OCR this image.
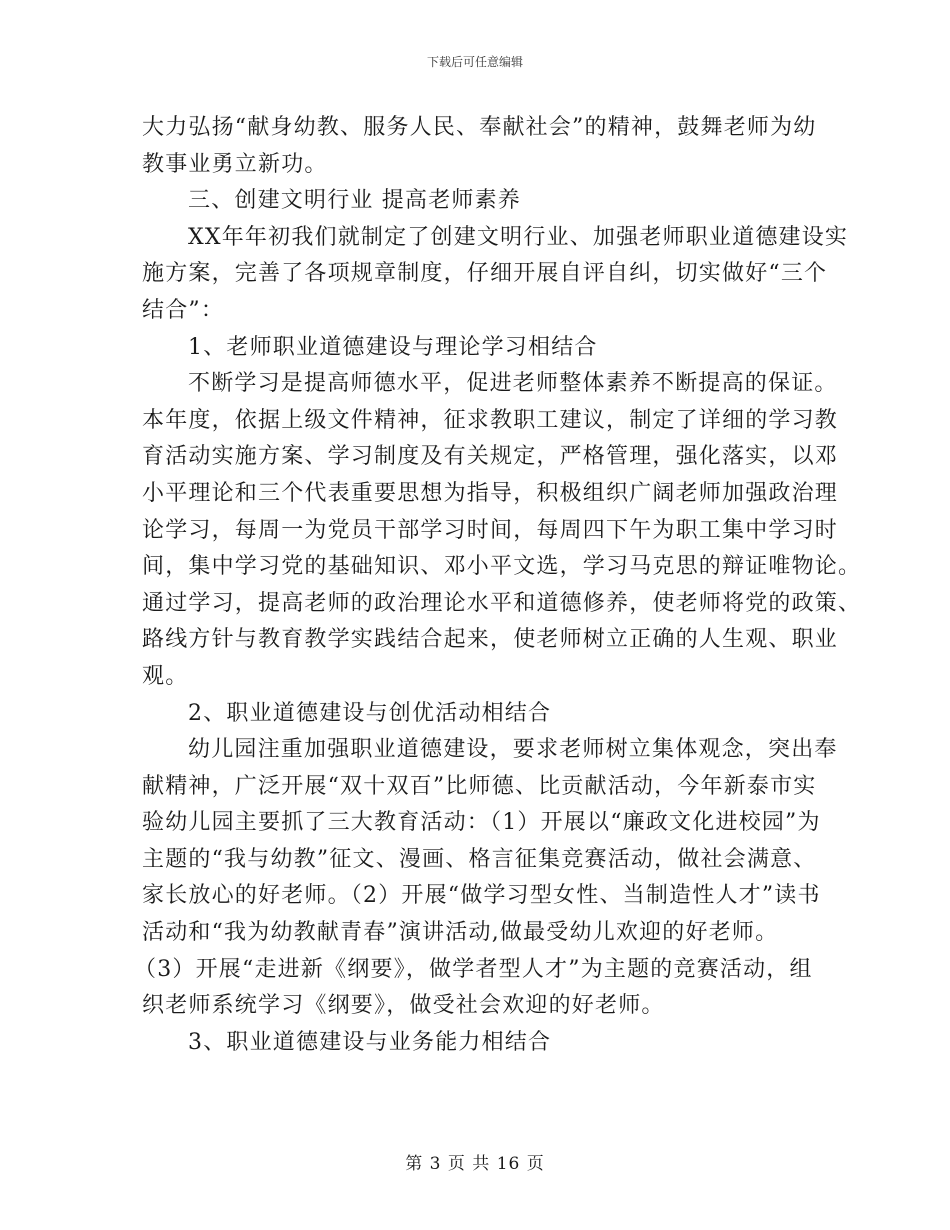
下载后可任意编辑
大力弘扬“献身幼教、服务人民、奉献社会”的精神，鼓舞老师为幼
教事业勇立新功。
三、创建文明行业 提高老师素养
XX年年初我们就制定了创建文明行业、加强老师职业道德建设实
施方案，完善了各项规章制度，仔细开展自评自纠，切实做好“三个
结合”：
1、老师职业道德建设与理论学习相结合
不断学习是提高师德水平，促进老师整体素养不断提高的保证。
本年度，依据上级文件精神，征求教职工建议，制定了详细的学习教
育活动实施方案、学习制度及有关规定，严格管理，强化落实，以邓
小平理论和三个代表重要思想为指导，积极组织广阔老师加强政治理
论学习，每周一为党员干部学习时间，每周四下午为职工集中学习时
间，集中学习党的基础知识、邓小平文选，学习马克思的辩证唯物论。
通过学习，提高老师的政治理论水平和道德修养，使老师将党的政策、
路线方针与教育教学实践结合起来，使老师树立正确的人生观、职业
观。
2、职业道德建设与创优活动相结合
幼儿园注重加强职业道德建设，要求老师树立集体观念，突出奉
献精神，广泛开展“双十双百”比师德、比贡献活动，今年新泰市实
验幼儿园主要抓了三大教育活动：（1）开展以“廉政文化进校园”为
主题的“我与幼教”征文、漫画、格言征集竞赛活动，做社会满意、
家长放心的好老师。（2）开展“做学习型女性、当制造性人才”读书
活动和“我为幼教献青春”演讲活动,做最受幼儿欢迎的好老师。
（3）开展“走进新《纲要》，做学者型人才”为主题的竞赛活动，组
织老师系统学习《纲要》，做受社会欢迎的好老师。
3、职业道德建设与业务能力相结合
第 3 页 共 16 页
